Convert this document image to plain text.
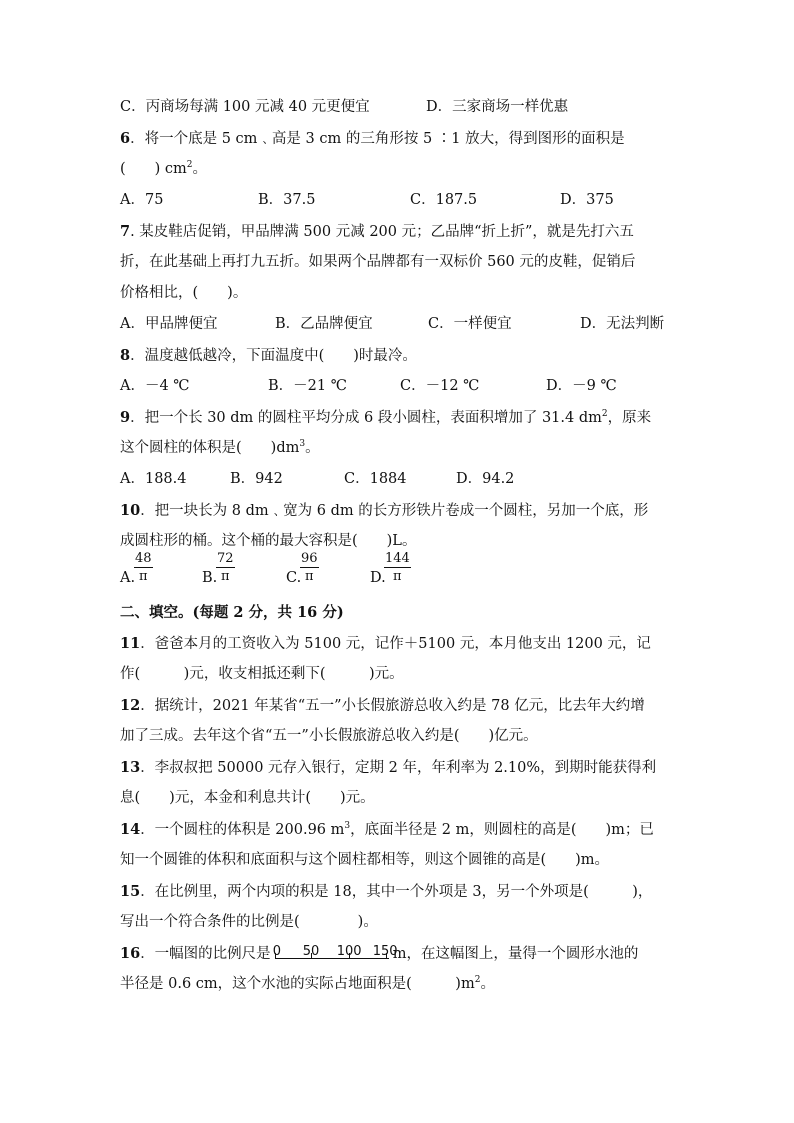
C．丙商场每满 100 元减 40 元更便宜	D．三家商场一样优惠
6．将一个底是 5 cm﹑高是 3 cm 的三角形按 5 ∶1 放大，得到图形的面积是
(　　) $cm^2$。
A．75	B．37.5	C．187.5	D．375
7. 某皮鞋店促销，甲品牌满 500 元减 200 元；乙品牌“折上折”，就是先打六五
折，在此基础上再打九五折。如果两个品牌都有一双标价 560 元的皮鞋，促销后
价格相比，(　　)。
A．甲品牌便宜	B．乙品牌便宜	C．一样便宜	D．无法判断
8．温度越低越冷，下面温度中(　　)时最冷。
A．－4 ℃	B．－21 ℃	C．－12 ℃	D．－9 ℃
9．把一个长 30 dm 的圆柱平均分成 6 段小圆柱，表面积增加了 31.4 $dm^2$，原来
这个圆柱的体积是(　　)$dm^3$。
A．188.4	B．942	C．1884	D．94.2
10．把一块长为 8 dm﹑宽为 6 dm 的长方形铁片卷成一个圆柱，另加一个底，形
成圆柱形的桶。这个桶的最大容积是(　　)L。
A.
48
π	B.
72
π	C.
96
π	D.
144
π
二、填空。(每题 2 分，共 16 分)
11．爸爸本月的工资收入为 5100 元，记作＋5100 元，本月他支出 1200 元，记
作(　　　)元，收支相抵还剩下(　　　)元。
12．据统计，2021 年某省“五一”小长假旅游总收入约是 78 亿元，比去年大约增
加了三成。去年这个省“五一”小长假旅游总收入约是(　　)亿元。
13．李叔叔把 50000 元存入银行，定期 2 年，年利率为 2.10%，到期时能获得利
息(　　)元，本金和利息共计(　　)元。
14．一个圆柱的体积是 200.96 $m^3$，底面半径是 2 m，则圆柱的高是(　　)m；已
知一个圆锥的体积和底面积与这个圆柱都相等，则这个圆锥的高是(　　)m。
15．在比例里，两个内项的积是 18，其中一个外项是 3，另一个外项是(　　　)，
写出一个符合条件的比例是(　　　　)。
16．一幅图的比例尺是 0 50 100 150
m，在这幅图上，量得一个圆形水池的
半径是 0.6 cm，这个水池的实际占地面积是(　　　)$m^2$。
